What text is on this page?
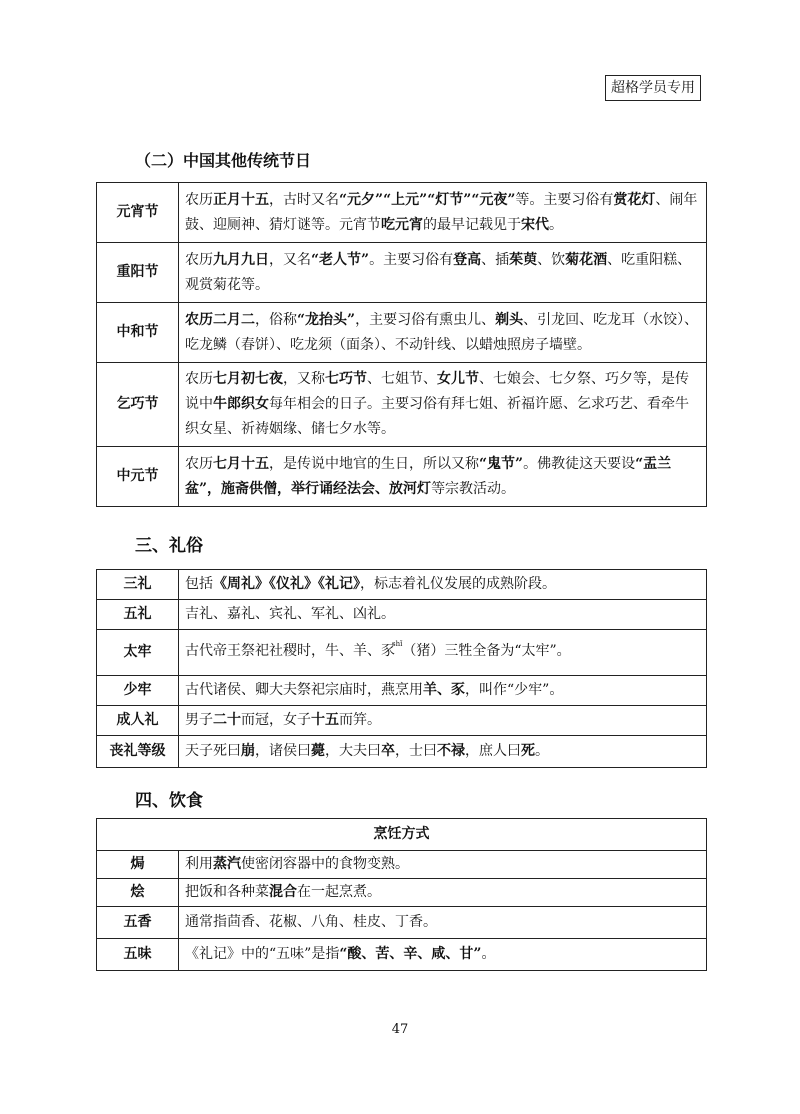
超格学员专用
（二）中国其他传统节日
元宵节	农历正月十五，古时又名“元夕”“上元”“灯节”“元夜”等。主要习俗有赏花灯、闹年鼓、迎厕神、猜灯谜等。元宵节吃元宵的最早记载见于宋代。
重阳节	农历九月九日，又名“老人节”。主要习俗有登高、插茱萸、饮菊花酒、吃重阳糕、观赏菊花等。
中和节	农历二月二，俗称“龙抬头”，主要习俗有熏虫儿、剃头、引龙回、吃龙耳（水饺）、吃龙鳞（春饼）、吃龙须（面条）、不动针线、以蜡烛照房子墙壁。
乞巧节	农历七月初七夜，又称七巧节、七姐节、女儿节、七娘会、七夕祭、巧夕等，是传说中牛郎织女每年相会的日子。主要习俗有拜七姐、祈福许愿、乞求巧艺、看牵牛织女星、祈祷姻缘、储七夕水等。
中元节	农历七月十五，是传说中地官的生日，所以又称“鬼节”。佛教徒这天要设“盂兰盆”，施斋供僧，举行诵经法会、放河灯等宗教活动。
三、礼俗
三礼	包括《周礼》《仪礼》《礼记》，标志着礼仪发展的成熟阶段。
五礼	吉礼、嘉礼、宾礼、军礼、凶礼。
太牢	古代帝王祭祀社稷时，牛、羊、豕$^{shǐ}$（猪）三牲全备为“太牢”。
少牢	古代诸侯、卿大夫祭祀宗庙时，燕烹用羊、豕，叫作“少牢”。
成人礼	男子二十而冠，女子十五而笄。
丧礼等级	天子死曰崩，诸侯曰薨，大夫曰卒，士曰不禄，庶人曰死。
四、饮食
烹饪方式	
焗	利用蒸汽使密闭容器中的食物变熟。
烩	把饭和各种菜混合在一起烹煮。
五香	通常指茴香、花椒、八角、桂皮、丁香。
五味	《礼记》中的“五味”是指“酸、苦、辛、咸、甘”。
47
